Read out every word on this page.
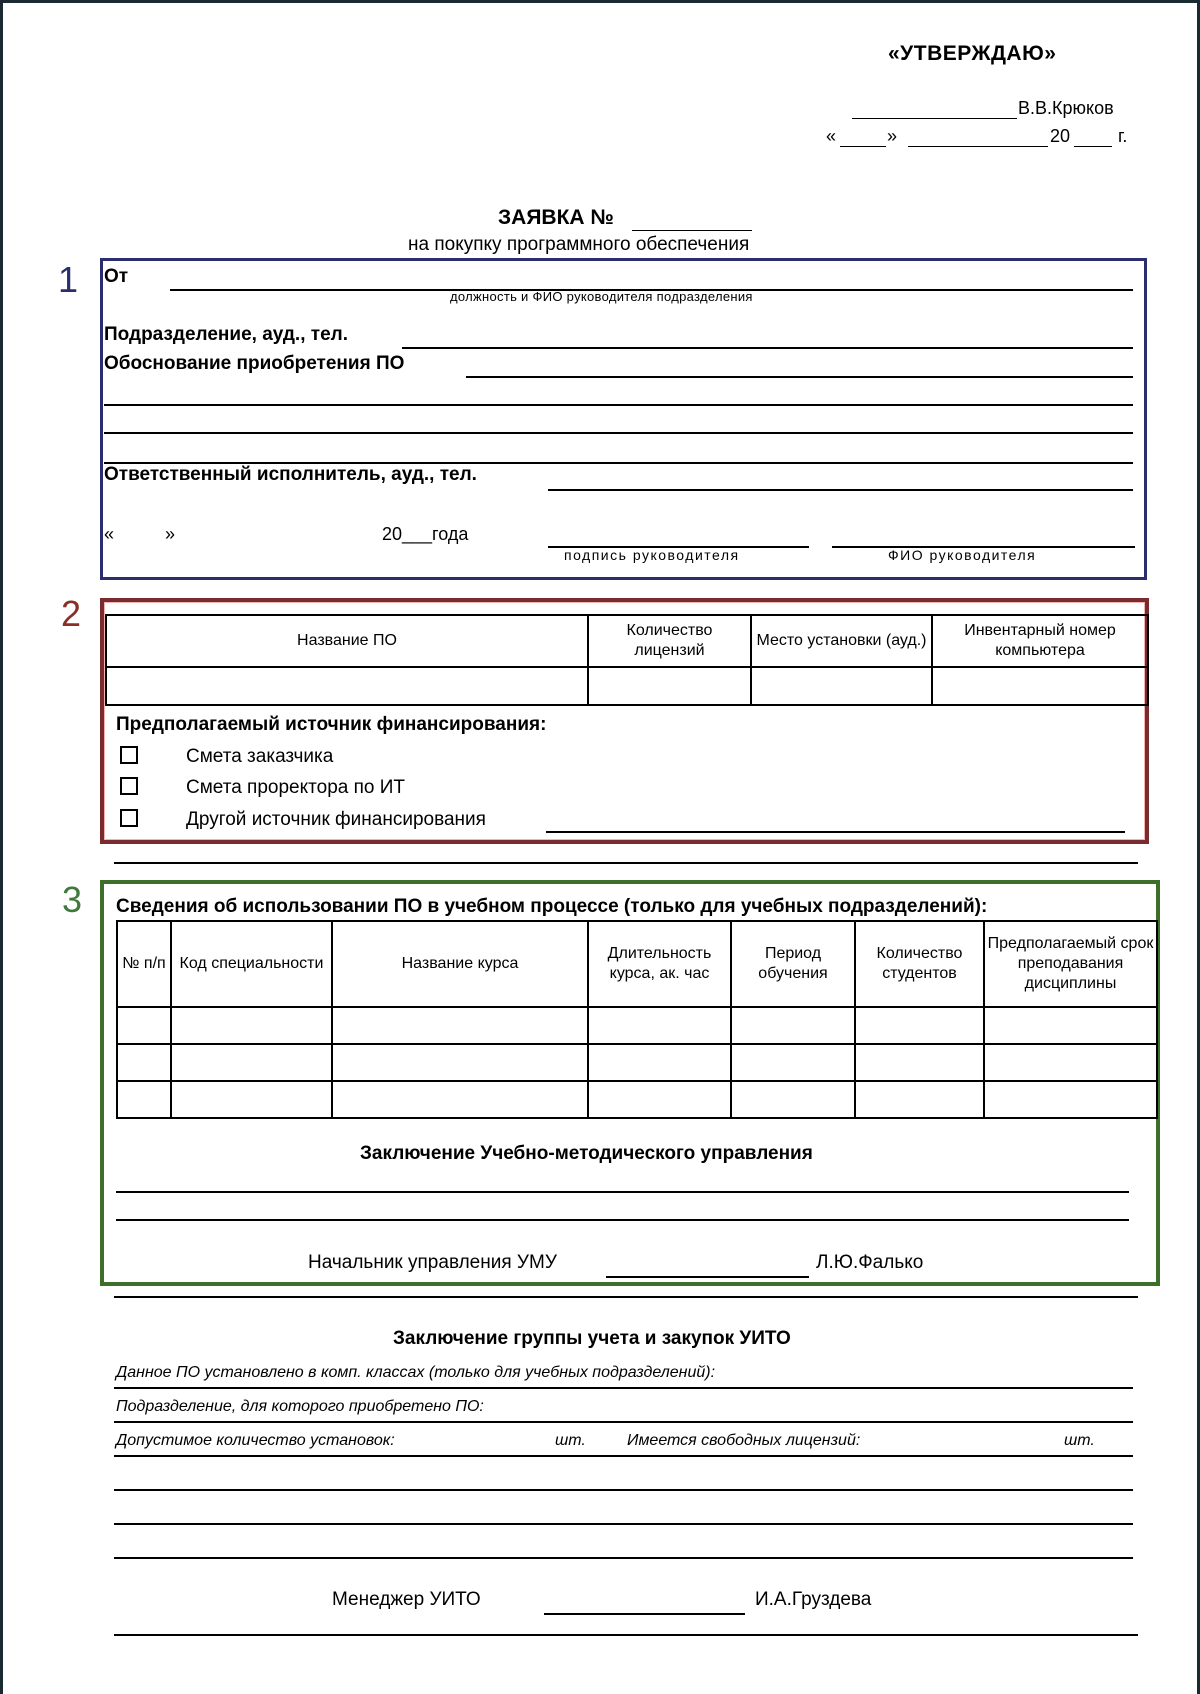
«УТВЕРЖДАЮ»
В.В.Крюков
«	»	20	г.
ЗАЯВКА №
на покупку программного обеспечения
1
2
3
От
должность и ФИО руководителя подразделения
Подразделение, ауд., тел.
Обоснование приобретения ПО
Ответственный исполнитель, ауд., тел.
«	»	20___года
подпись руководителя	ФИО руководителя
Название ПО	Количество лицензий	Место установки (ауд.)	Инвентарный номер компьютера

Предполагаемый источник финансирования:
Смета заказчика
Смета проректора по ИТ
Другой источник финансирования
Сведения об использовании ПО в учебном процессе (только для учебных подразделений):
№ п/п	Код специальности	Название курса	Длительность курса, ак. час	Период обучения	Количество студентов	Предполагаемый срок преподавания дисциплины

Заключение Учебно-методического управления
Начальник управления УМУ	Л.Ю.Фалько
Заключение группы учета и закупок УИТО
Данное ПО установлено в комп. классах (только для учебных подразделений):
Подразделение, для которого приобретено ПО:
Допустимое количество установок:	шт.	Имеется свободных лицензий:	шт.
Менеджер УИТО	И.А.Груздева
